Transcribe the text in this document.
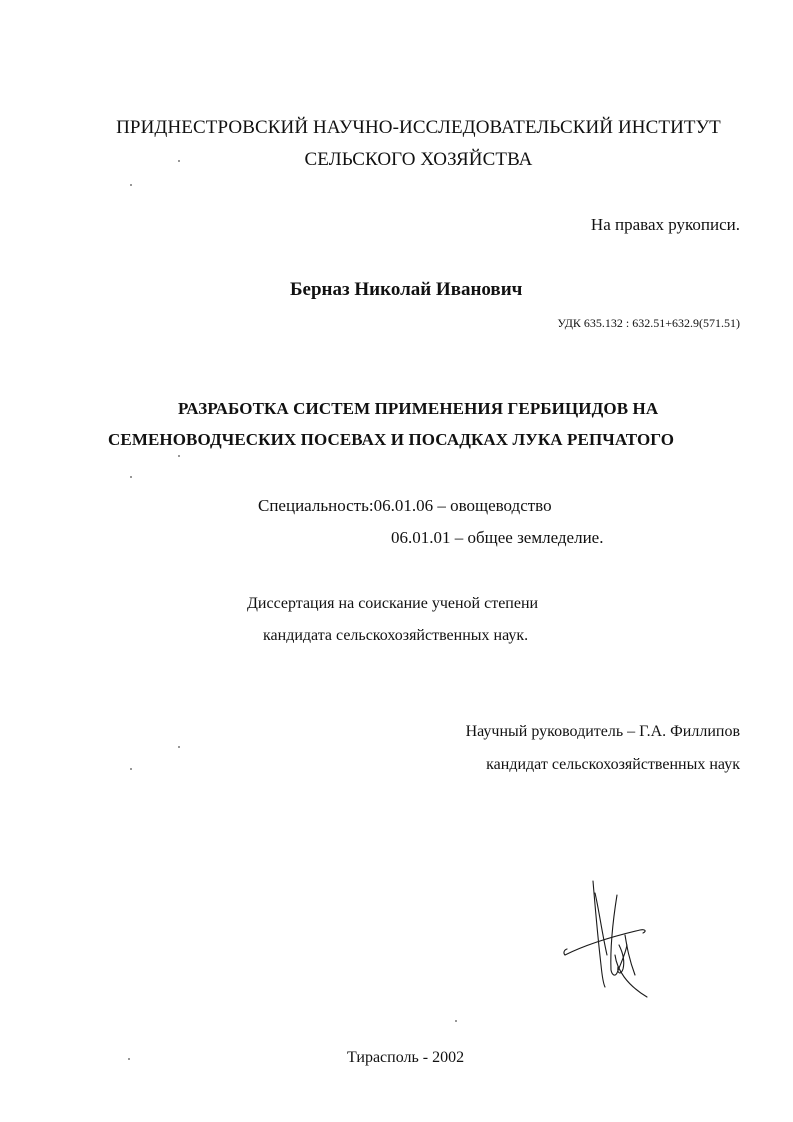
ПРИДНЕСТРОВСКИЙ НАУЧНО-ИССЛЕДОВАТЕЛЬСКИЙ ИНСТИТУТ
СЕЛЬСКОГО ХОЗЯЙСТВА
На правах рукописи.
Берназ Николай Иванович
УДК 635.132 : 632.51+632.9(571.51)
РАЗРАБОТКА СИСТЕМ ПРИМЕНЕНИЯ ГЕРБИЦИДОВ НА
СЕМЕНОВОДЧЕСКИХ ПОСЕВАХ И ПОСАДКАХ ЛУКА РЕПЧАТОГО
Специальность:06.01.06 – овощеводство
06.01.01 – общее земледелие.
Диссертация на соискание ученой степени
кандидата сельскохозяйственных наук.
Научный руководитель – Г.А. Филлипов
кандидат сельскохозяйственных наук
Тирасполь - 2002
